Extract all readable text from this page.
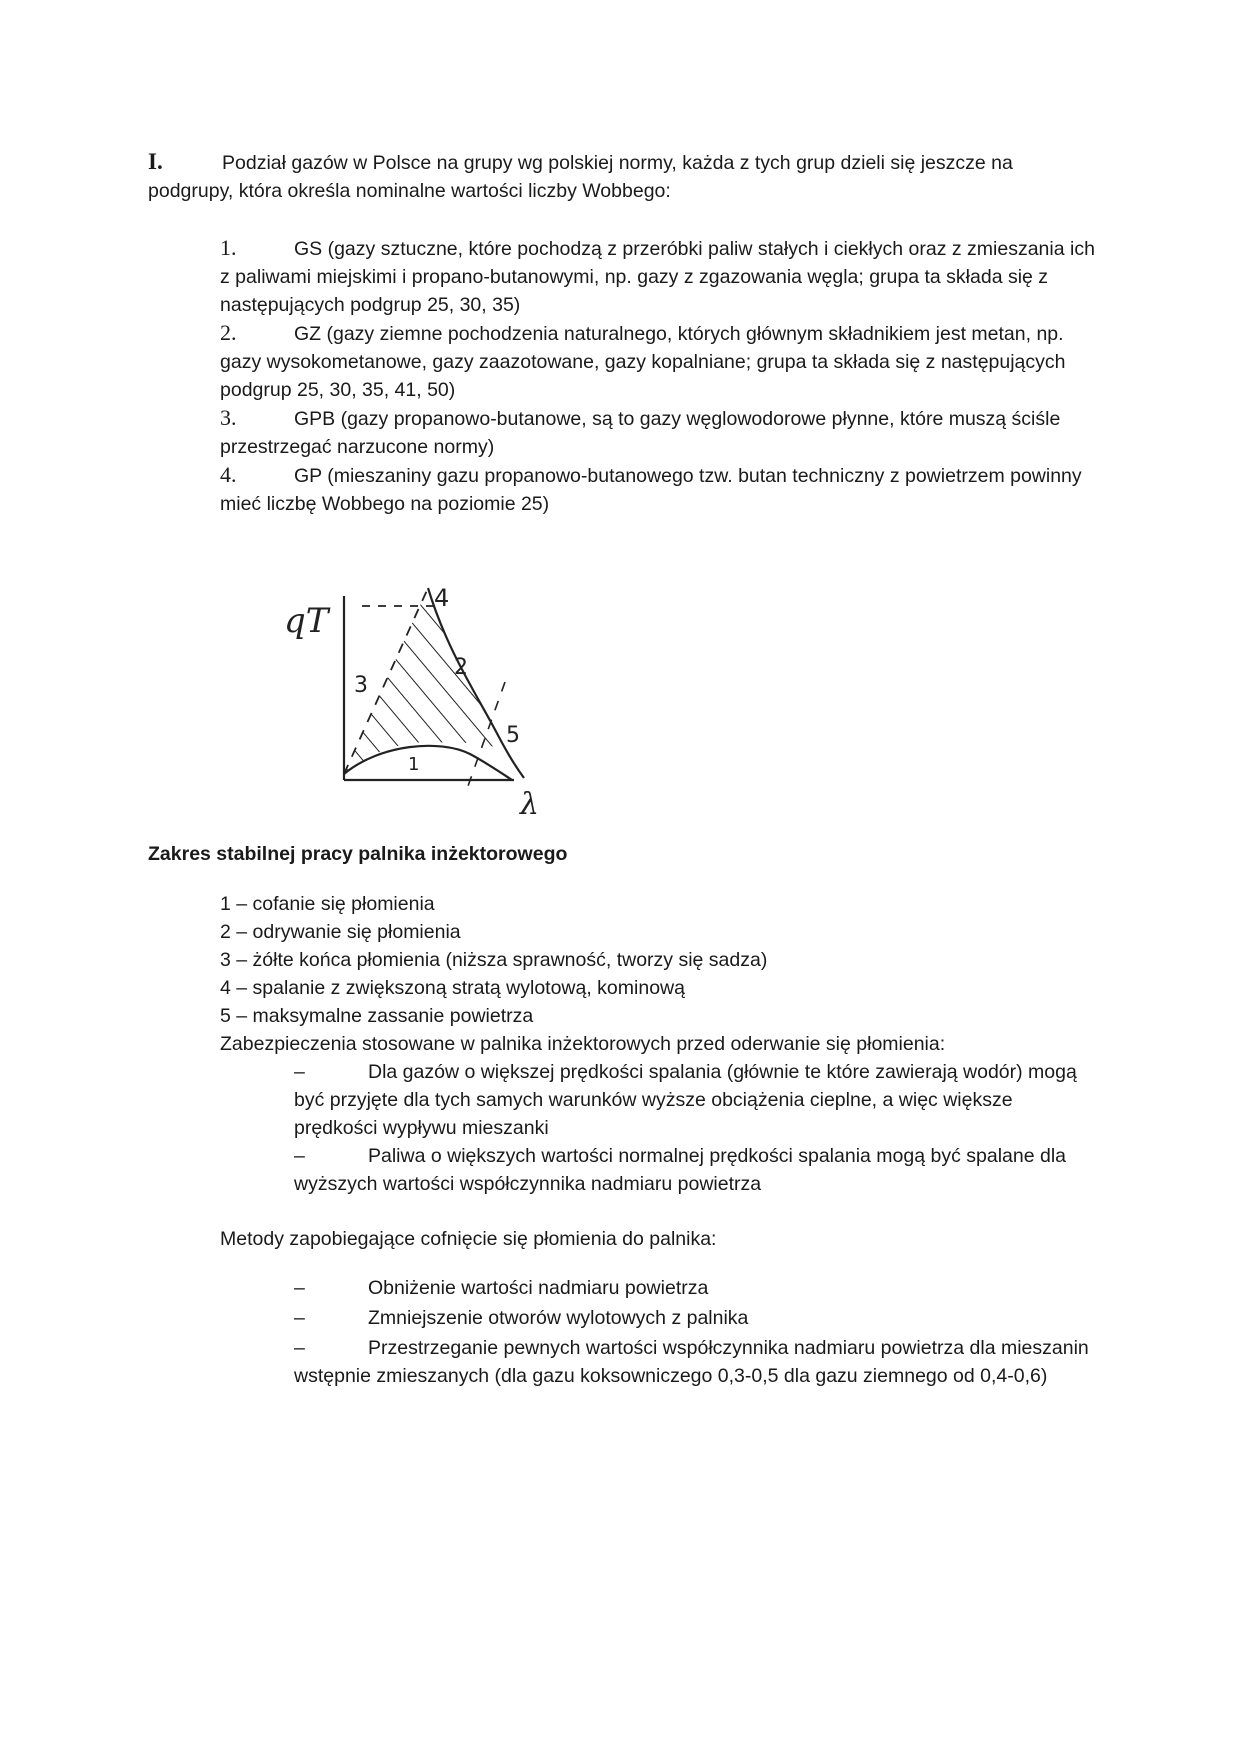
I.	Podział gazów w Polsce na grupy wg polskiej normy, każda z tych grup dzieli się jeszcze na podgrupy, która określa nominalne wartości liczby Wobbego:

1.	GS (gazy sztuczne, które pochodzą z przeróbki paliw stałych i ciekłych oraz z zmieszania ich z paliwami miejskimi i propano-butanowymi, np. gazy z zgazowania węgla; grupa ta składa się z następujących podgrup 25, 30, 35)

2.	GZ (gazy ziemne pochodzenia naturalnego, których głównym składnikiem jest metan, np. gazy wysokometanowe, gazy zaazotowane, gazy kopalniane; grupa ta składa się z następujących podgrup 25, 30, 35, 41, 50)

3.	GPB (gazy propanowo-butanowe, są to gazy węglowodorowe płynne, które muszą ściśle przestrzegać narzucone normy)

4.	GP (mieszaniny gazu propanowo-butanowego tzw. butan techniczny z powietrzem powinny mieć liczbę Wobbego na poziomie 25)

qT
λ
1
2
3
4
5
Zakres stabilnej pracy palnika inżektorowego
1 – cofanie się płomienia
2 – odrywanie się płomienia
3 – żółte końca płomienia (niższa sprawność, tworzy się sadza)
4 – spalanie z zwiększoną stratą wylotową, kominową
5 – maksymalne zassanie powietrza

Zabezpieczenia stosowane w palnika inżektorowych przed oderwanie się płomienia:

–	Dla gazów o większej prędkości spalania (głównie te które zawierają wodór) mogą być przyjęte dla tych samych warunków wyższe obciążenia cieplne, a więc większe prędkości wypływu mieszanki

–	Paliwa o większych wartości normalnej prędkości spalania mogą być spalane dla wyższych wartości współczynnika nadmiaru powietrza

Metody zapobiegające cofnięcie się płomienia do palnika:

–	Obniżenie wartości nadmiaru powietrza

–	Zmniejszenie otworów wylotowych z palnika

–	Przestrzeganie pewnych wartości współczynnika nadmiaru powietrza dla mieszanin wstępnie zmieszanych (dla gazu koksowniczego 0,3-0,5 dla gazu ziemnego od 0,4-0,6)
